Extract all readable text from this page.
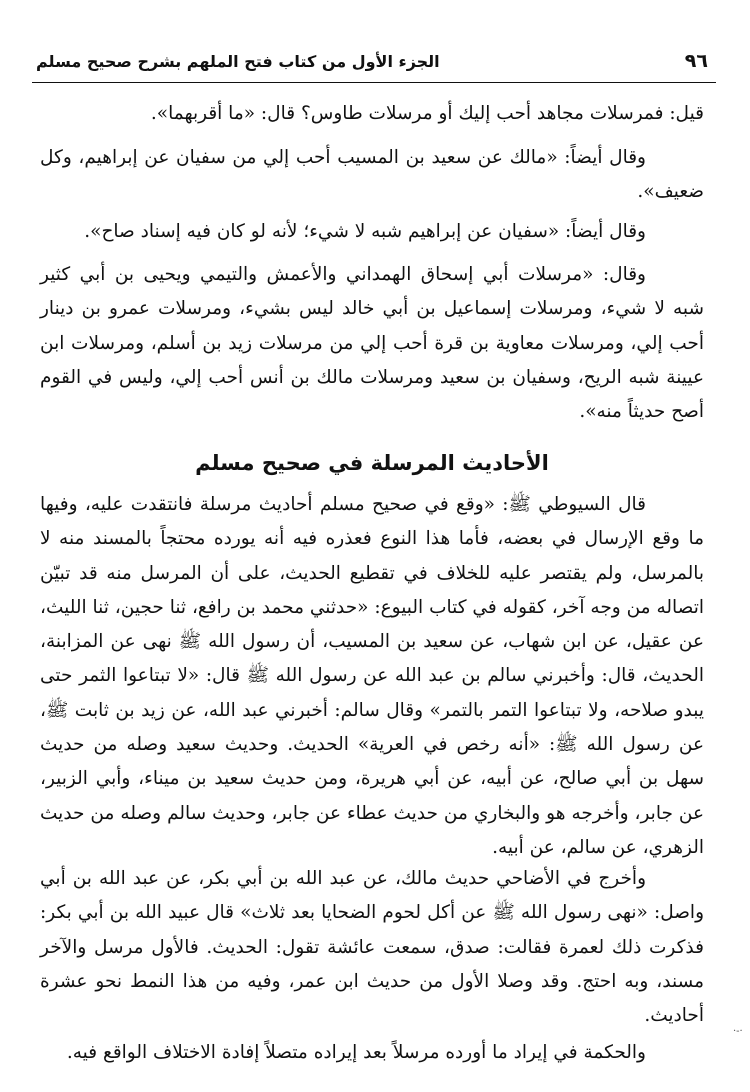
٩٦
الجزء الأول من كتاب فتح الملهم بشرح صحيح مسلم

قيل: فمرسلات مجاهد أحب إليك أو مرسلات طاوس؟ قال: «ما أقربهما».

وقال أيضاً: «مالك عن سعيد بن المسيب أحب إلي من سفيان عن إبراهيم، وكل ضعيف».

وقال أيضاً: «سفيان عن إبراهيم شبه لا شيء؛ لأنه لو كان فيه إسناد صاح».

وقال: «مرسلات أبي إسحاق الهمداني والأعمش والتيمي ويحيى بن أبي كثير شبه لا شيء، ومرسلات إسماعيل بن أبي خالد ليس بشيء، ومرسلات عمرو بن دينار أحب إلي، ومرسلات معاوية بن قرة أحب إلي من مرسلات زيد بن أسلم، ومرسلات ابن عيينة شبه الريح، وسفيان بن سعيد ومرسلات مالك بن أنس أحب إلي، وليس في القوم أصح حديثاً منه».

الأحاديث المرسلة في صحيح مسلم

قال السيوطي ﷺ: «وقع في صحيح مسلم أحاديث مرسلة فانتقدت عليه، وفيها ما وقع الإرسال في بعضه، فأما هذا النوع فعذره فيه أنه يورده محتجاً بالمسند منه لا بالمرسل، ولم يقتصر عليه للخلاف في تقطيع الحديث، على أن المرسل منه قد تبيّن اتصاله من وجه آخر، كقوله في كتاب البيوع: «حدثني محمد بن رافع، ثنا حجين، ثنا الليث، عن عقيل، عن ابن شهاب، عن سعيد بن المسيب، أن رسول الله ﷺ نهى عن المزابنة، الحديث، قال: وأخبرني سالم بن عبد الله عن رسول الله ﷺ قال: «لا تبتاعوا الثمر حتى يبدو صلاحه، ولا تبتاعوا التمر بالتمر» وقال سالم: أخبرني عبد الله، عن زيد بن ثابت ﷺ، عن رسول الله ﷺ: «أنه رخص في العرية» الحديث. وحديث سعيد وصله من حديث سهل بن أبي صالح، عن أبيه، عن أبي هريرة، ومن حديث سعيد بن ميناء، وأبي الزبير، عن جابر، وأخرجه هو والبخاري من حديث عطاء عن جابر، وحديث سالم وصله من حديث الزهري، عن سالم، عن أبيه.

وأخرج في الأضاحي حديث مالك، عن عبد الله بن أبي بكر، عن عبد الله بن أبي واصل: «نهى رسول الله ﷺ عن أكل لحوم الضحايا بعد ثلاث» قال عبيد الله بن أبي بكر: فذكرت ذلك لعمرة فقالت: صدق، سمعت عائشة تقول: الحديث. فالأول مرسل والآخر مسند، وبه احتج. وقد وصلا الأول من حديث ابن عمر، وفيه من هذا النمط نحو عشرة أحاديث.

والحكمة في إيراد ما أورده مرسلاً بعد إيراده متصلاً إفادة الاختلاف الواقع فيه.

·-·
